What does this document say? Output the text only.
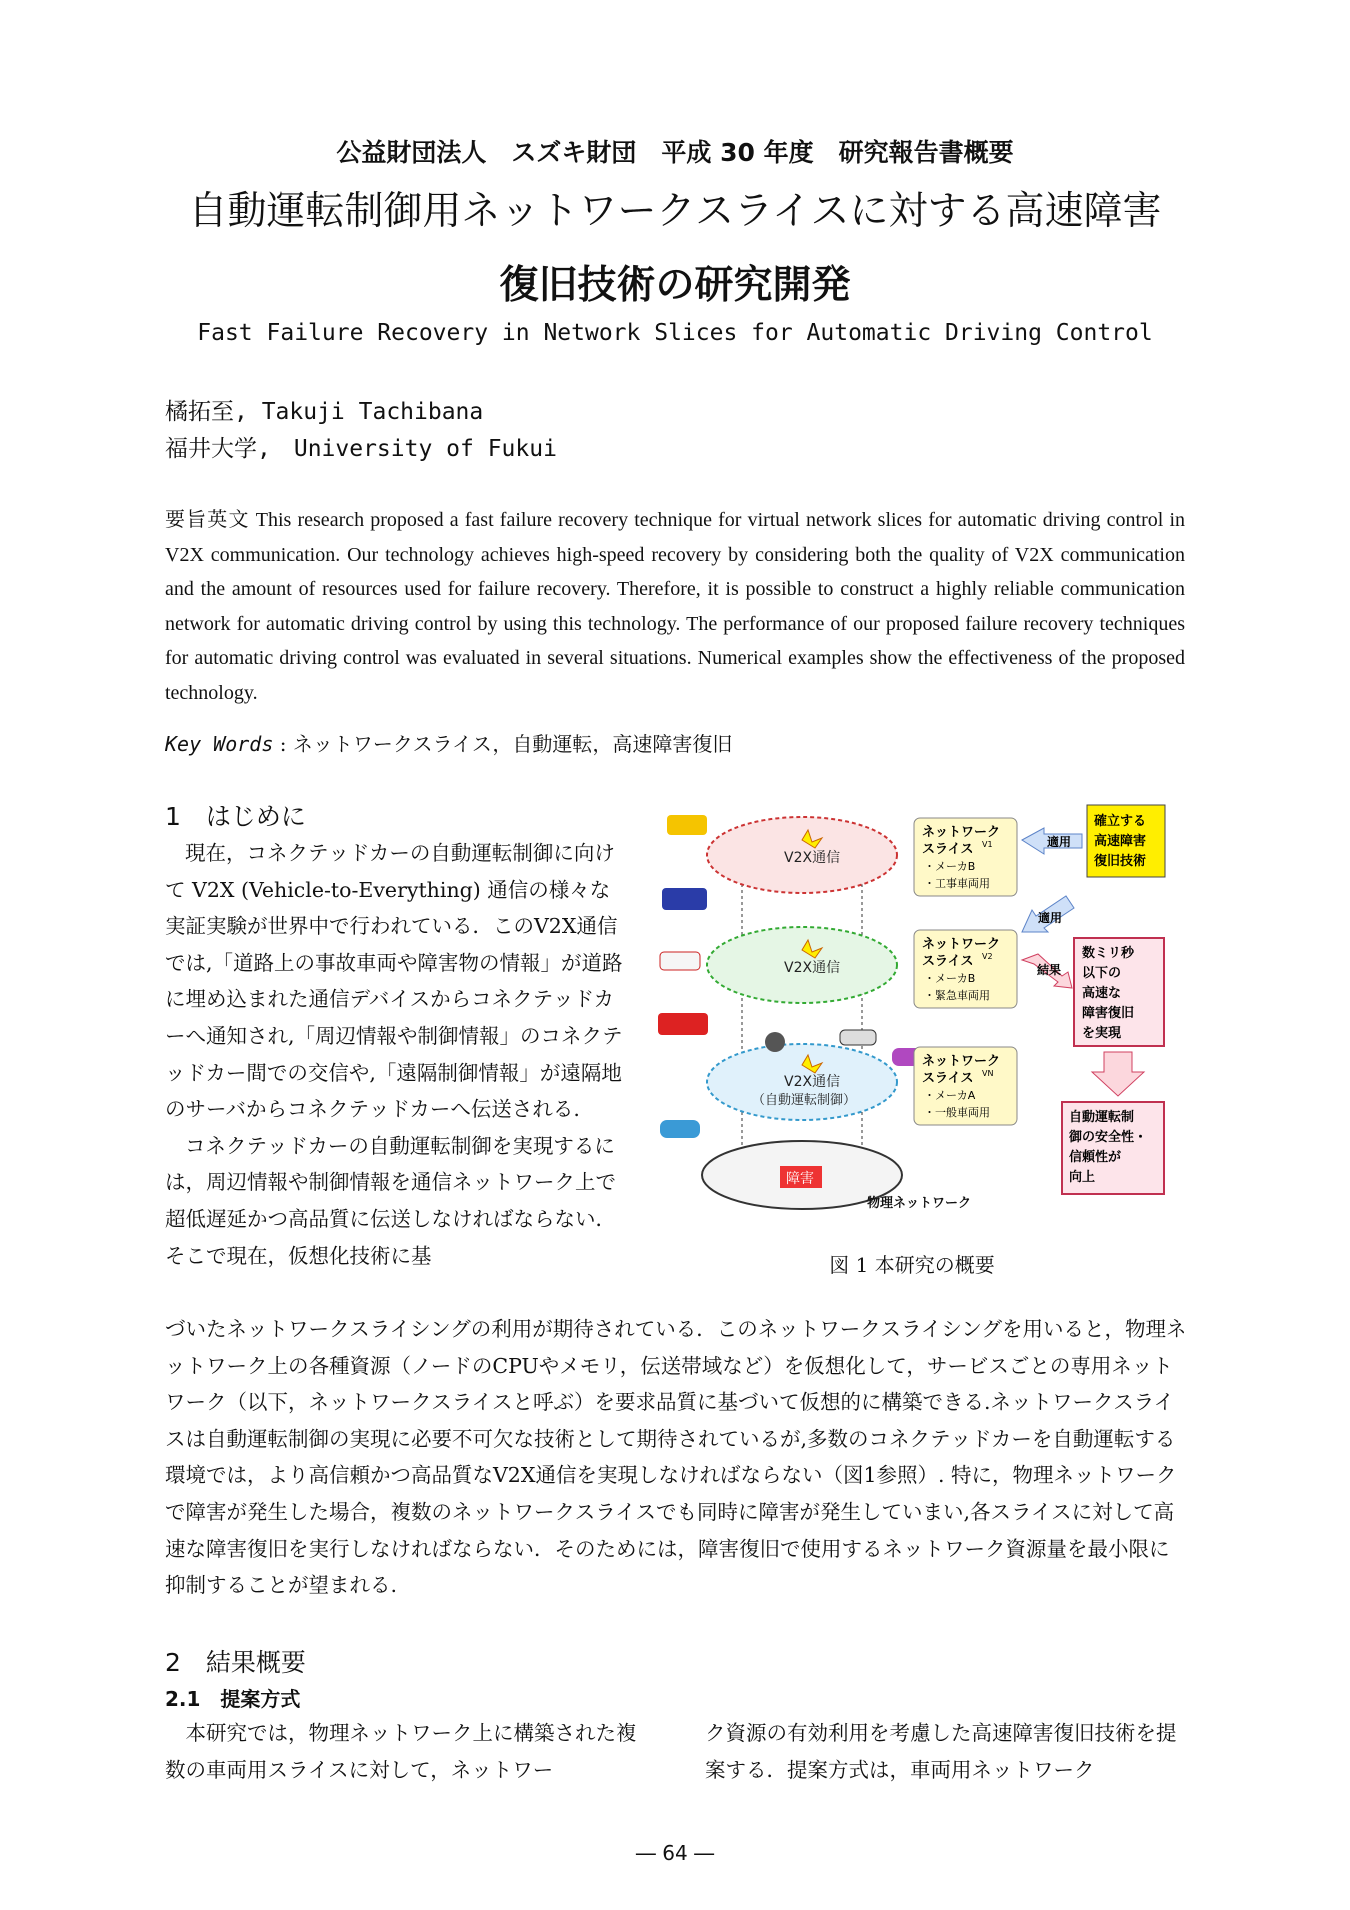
公益財団法人　スズキ財団　平成 30 年度　研究報告書概要
自動運転制御用ネットワークスライスに対する高速障害
復旧技術の研究開発
Fast Failure Recovery in Network Slices for Automatic Driving Control
橘拓至, Takuji Tachibana
福井大学,　University of Fukui
要旨英文 This research proposed a fast failure recovery technique for virtual network slices for automatic driving control in V2X communication. Our technology achieves high-speed recovery by considering both the quality of V2X communication and the amount of resources used for failure recovery. Therefore, it is possible to construct a highly reliable communication network for automatic driving control by using this technology. The performance of our proposed failure recovery techniques for automatic driving control was evaluated in several situations. Numerical examples show the effectiveness of the proposed technology.
Key Words : ネットワークスライス，自動運転，高速障害復旧
1　はじめに

現在，コネクテッドカーの自動運転制御に向けて V2X (Vehicle-to-Everything) 通信の様々な実証実験が世界中で行われている．このV2X通信では,「道路上の事故車両や障害物の情報」が道路に埋め込まれた通信デバイスからコネクテッドカーへ通知され,「周辺情報や制御情報」のコネクテッドカー間での交信や,「遠隔制御情報」が遠隔地のサーバからコネクテッドカーへ伝送される.

コネクテッドカーの自動運転制御を実現するには，周辺情報や制御情報を通信ネットワーク上で超低遅延かつ高品質に伝送しなければならない．そこで現在，仮想化技術に基

づいたネットワークスライシングの利用が期待されている．このネットワークスライシングを用いると，物理ネットワーク上の各種資源（ノードのCPUやメモリ，伝送帯域など）を仮想化して，サービスごとの専用ネットワーク（以下，ネットワークスライスと呼ぶ）を要求品質に基づいて仮想的に構築できる.ネットワークスライスは自動運転制御の実現に必要不可欠な技術として期待されているが,多数のコネクテッドカーを自動運転する環境では，より高信頼かつ高品質なV2X通信を実現しなければならない（図1参照）. 特に，物理ネットワークで障害が発生した場合，複数のネットワークスライスでも同時に障害が発生していまい,各スライスに対して高速な障害復旧を実行しなければならない．そのためには，障害復旧で使用するネットワーク資源量を最小限に抑制することが望まれる.

V2X通信
V2X通信
V2X通信
（自動運転制御）
障害
物理ネットワーク
ネットワーク
スライス V1
・メーカB
・工事車両用
ネットワーク
スライス V2
・メーカB
・緊急車両用
ネットワーク
スライス VN
・メーカA
・一般車両用
適用
適用
結果
確立する
高速障害
復旧技術
数ミリ秒
以下の
高速な
障害復旧
を実現
自動運転制
御の安全性・
信頼性が
向上
図 1 本研究の概要
2　結果概要
2.1　提案方式

　本研究では，物理ネットワーク上に構築された複数の車両用スライスに対して，ネットワー

ク資源の有効利用を考慮した高速障害復旧技術を提案する．提案方式は，車両用ネットワーク

― 64 ―
